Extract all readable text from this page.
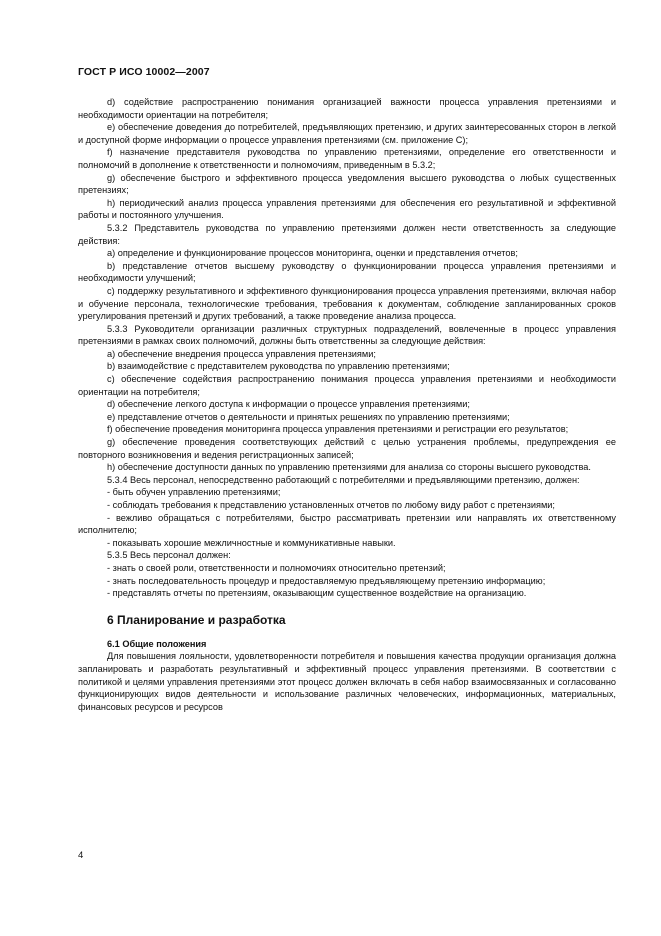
ГОСТ Р ИСО 10002—2007

d) содействие распространению понимания организацией важности процесса управления претензиями и необходимости ориентации на потребителя;

e) обеспечение доведения до потребителей, предъявляющих претензию, и других заинтересованных сторон в легкой и доступной форме информации о процессе управления претензиями (см. приложение C);

f) назначение представителя руководства по управлению претензиями, определение его ответственности и полномочий в дополнение к ответственности и полномочиям, приведенным в 5.3.2;

g) обеспечение быстрого и эффективного процесса уведомления высшего руководства о любых существенных претензиях;

h) периодический анализ процесса управления претензиями для обеспечения его результативной и эффективной работы и постоянного улучшения.

5.3.2 Представитель руководства по управлению претензиями должен нести ответственность за следующие действия:

a) определение и функционирование процессов мониторинга, оценки и представления отчетов;

b) представление отчетов высшему руководству о функционировании процесса управления претензиями и необходимости улучшений;

c) поддержку результативного и эффективного функционирования процесса управления претензиями, включая набор и обучение персонала, технологические требования, требования к документам, соблюдение запланированных сроков урегулирования претензий и других требований, а также проведение анализа процесса.

5.3.3 Руководители организации различных структурных подразделений, вовлеченные в процесс управления претензиями в рамках своих полномочий, должны быть ответственны за следующие действия:

a) обеспечение внедрения процесса управления претензиями;

b) взаимодействие с представителем руководства по управлению претензиями;

c) обеспечение содействия распространению понимания процесса управления претензиями и необходимости ориентации на потребителя;

d) обеспечение легкого доступа к информации о процессе управления претензиями;

e) представление отчетов о деятельности и принятых решениях по управлению претензиями;

f) обеспечение проведения мониторинга процесса управления претензиями и регистрации его результатов;

g) обеспечение проведения соответствующих действий с целью устранения проблемы, предупреждения ее повторного возникновения и ведения регистрационных записей;

h) обеспечение доступности данных по управлению претензиями для анализа со стороны высшего руководства.

5.3.4 Весь персонал, непосредственно работающий с потребителями и предъявляющими претензию, должен:

- быть обучен управлению претензиями;

- соблюдать требования к представлению установленных отчетов по любому виду работ с претензиями;

- вежливо обращаться с потребителями, быстро рассматривать претензии или направлять их ответственному исполнителю;

- показывать хорошие межличностные и коммуникативные навыки.

5.3.5 Весь персонал должен:

- знать о своей роли, ответственности и полномочиях относительно претензий;

- знать последовательность процедур и предоставляемую предъявляющему претензию информацию;

- представлять отчеты по претензиям, оказывающим существенное воздействие на организацию.

6 Планирование и разработка

6.1 Общие положения

Для повышения лояльности, удовлетворенности потребителя и повышения качества продукции организация должна запланировать и разработать результативный и эффективный процесс управления претензиями. В соответствии с политикой и целями управления претензиями этот процесс должен включать в себя набор взаимосвязанных и согласованно функционирующих видов деятельности и использование различных человеческих, информационных, материальных, финансовых ресурсов и ресурсов

4
